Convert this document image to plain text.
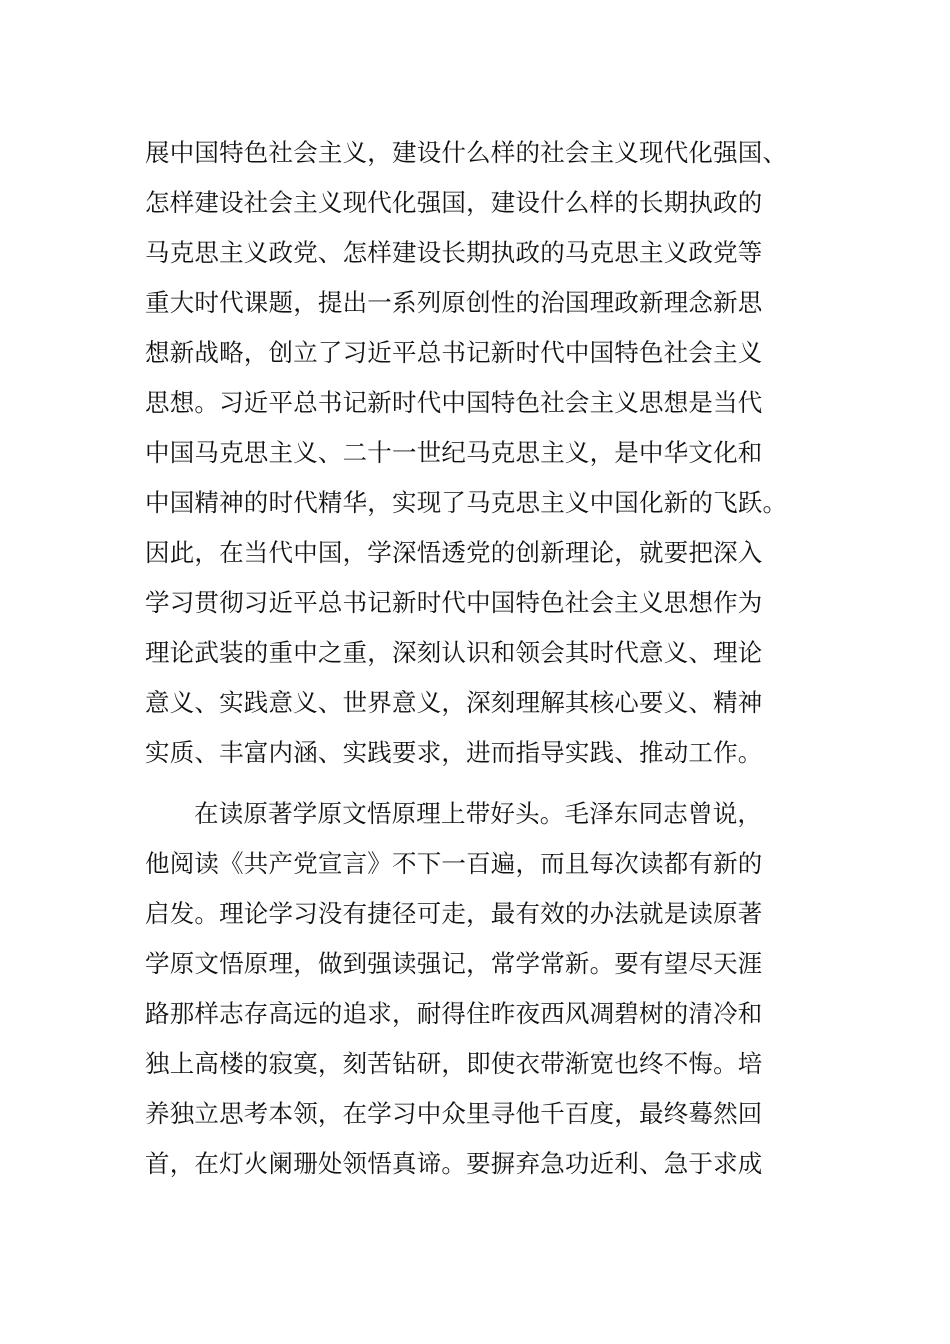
展中国特色社会主义，建设什么样的社会主义现代化强国、
怎样建设社会主义现代化强国，建设什么样的长期执政的
马克思主义政党、怎样建设长期执政的马克思主义政党等
重大时代课题，提出一系列原创性的治国理政新理念新思
想新战略，创立了习近平总书记新时代中国特色社会主义
思想。习近平总书记新时代中国特色社会主义思想是当代
中国马克思主义、二十一世纪马克思主义，是中华文化和
中国精神的时代精华，实现了马克思主义中国化新的飞跃。
因此，在当代中国，学深悟透党的创新理论，就要把深入
学习贯彻习近平总书记新时代中国特色社会主义思想作为
理论武装的重中之重，深刻认识和领会其时代意义、理论
意义、实践意义、世界意义，深刻理解其核心要义、精神
实质、丰富内涵、实践要求，进而指导实践、推动工作。
在读原著学原文悟原理上带好头。毛泽东同志曾说，
他阅读《共产党宣言》不下一百遍，而且每次读都有新的
启发。理论学习没有捷径可走，最有效的办法就是读原著
学原文悟原理，做到强读强记，常学常新。要有望尽天涯
路那样志存高远的追求，耐得住昨夜西风凋碧树的清冷和
独上高楼的寂寞，刻苦钻研，即使衣带渐宽也终不悔。培
养独立思考本领，在学习中众里寻他千百度，最终蓦然回
首，在灯火阑珊处领悟真谛。要摒弃急功近利、急于求成
